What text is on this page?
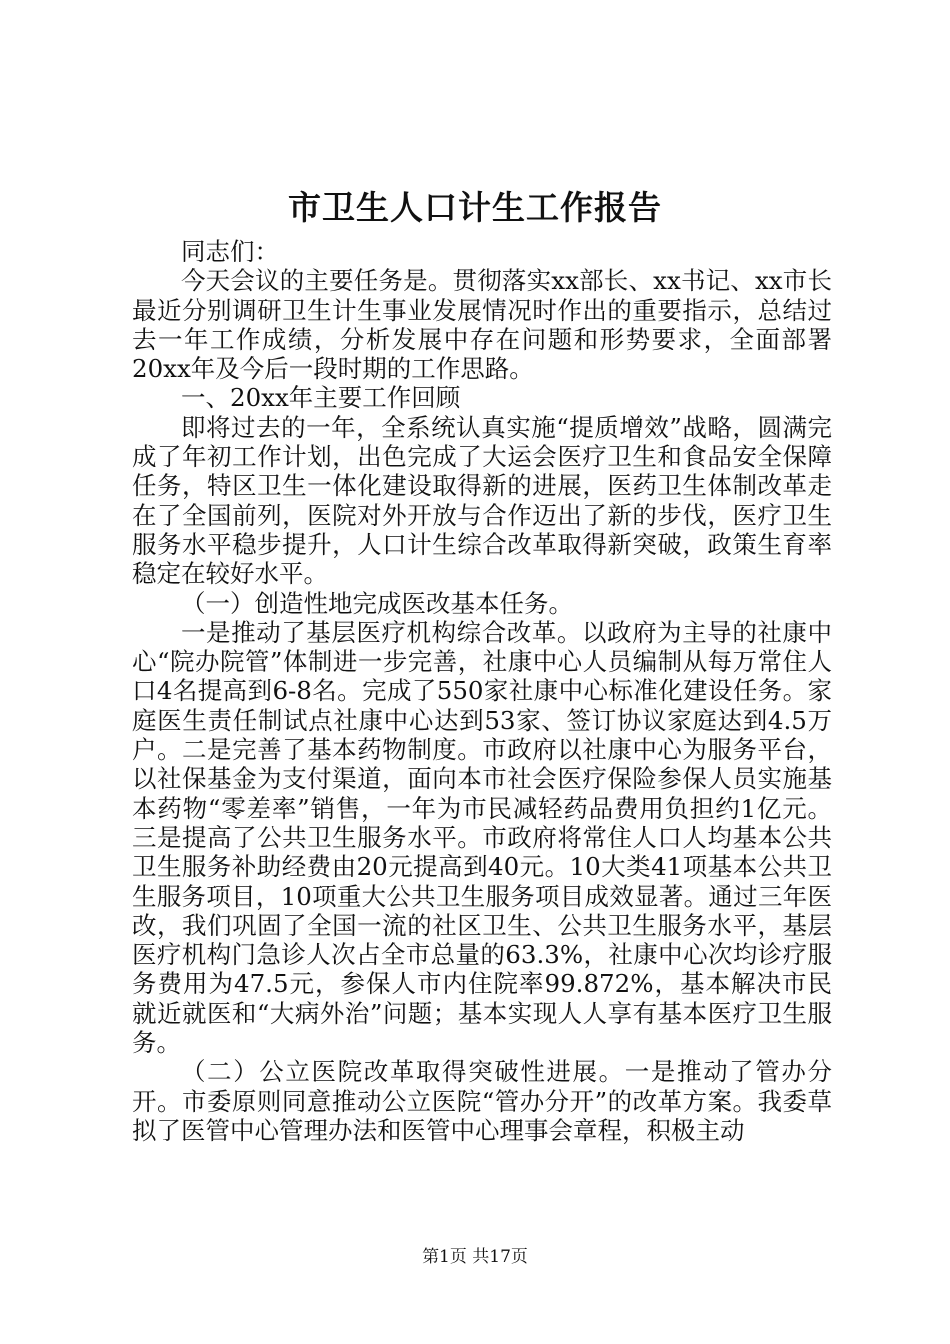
市卫生人口计生工作报告

同志们：

今天会议的主要任务是。贯彻落实xx部长、xx书记、xx市长最近分别调研卫生计生事业发展情况时作出的重要指示，总结过去一年工作成绩，分析发展中存在问题和形势要求，全面部署20xx年及今后一段时期的工作思路。

一、20xx年主要工作回顾

即将过去的一年，全系统认真实施“提质增效”战略，圆满完成了年初工作计划，出色完成了大运会医疗卫生和食品安全保障任务，特区卫生一体化建设取得新的进展，医药卫生体制改革走在了全国前列，医院对外开放与合作迈出了新的步伐，医疗卫生服务水平稳步提升，人口计生综合改革取得新突破，政策生育率稳定在较好水平。

（一）创造性地完成医改基本任务。

一是推动了基层医疗机构综合改革。以政府为主导的社康中心“院办院管”体制进一步完善，社康中心人员编制从每万常住人口4名提高到6-8名。完成了550家社康中心标准化建设任务。家庭医生责任制试点社康中心达到53家、签订协议家庭达到4.5万户。二是完善了基本药物制度。市政府以社康中心为服务平台，以社保基金为支付渠道，面向本市社会医疗保险参保人员实施基本药物“零差率”销售，一年为市民减轻药品费用负担约1亿元。三是提高了公共卫生服务水平。市政府将常住人口人均基本公共卫生服务补助经费由20元提高到40元。10大类41项基本公共卫生服务项目，10项重大公共卫生服务项目成效显著。通过三年医改，我们巩固了全国一流的社区卫生、公共卫生服务水平，基层医疗机构门急诊人次占全市总量的63.3%，社康中心次均诊疗服务费用为47.5元，参保人市内住院率99.872%，基本解决市民就近就医和“大病外治”问题；基本实现人人享有基本医疗卫生服务。

（二）公立医院改革取得突破性进展。一是推动了管办分开。市委原则同意推动公立医院“管办分开”的改革方案。我委草拟了医管中心管理办法和医管中心理事会章程，积极主动

第1页 共17页
